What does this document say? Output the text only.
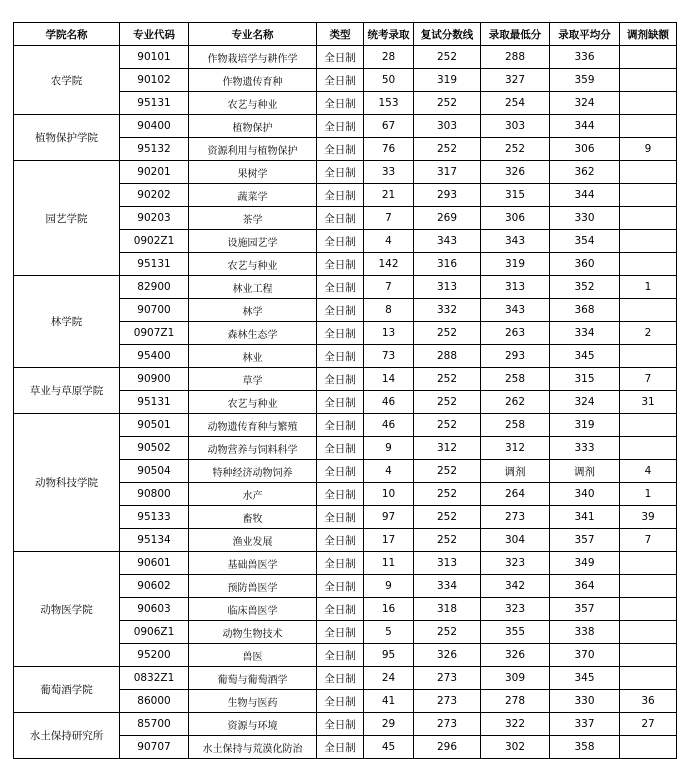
学院名称	专业代码	专业名称	类型	统考录取	复试分数线	录取最低分	录取平均分	调剂缺额
农学院	90101	作物栽培学与耕作学	全日制	28	252	288	336	
	90102	作物遗传育种	全日制	50	319	327	359	
	95131	农艺与种业	全日制	153	252	254	324	
植物保护学院	90400	植物保护	全日制	67	303	303	344	
	95132	资源利用与植物保护	全日制	76	252	252	306	9
园艺学院	90201	果树学	全日制	33	317	326	362	
	90202	蔬菜学	全日制	21	293	315	344	
	90203	茶学	全日制	7	269	306	330	
	0902Z1	设施园艺学	全日制	4	343	343	354	
	95131	农艺与种业	全日制	142	316	319	360	
林学院	82900	林业工程	全日制	7	313	313	352	1
	90700	林学	全日制	8	332	343	368	
	0907Z1	森林生态学	全日制	13	252	263	334	2
	95400	林业	全日制	73	288	293	345	
草业与草原学院	90900	草学	全日制	14	252	258	315	7
	95131	农艺与种业	全日制	46	252	262	324	31
动物科技学院	90501	动物遗传育种与繁殖	全日制	46	252	258	319	
	90502	动物营养与饲料科学	全日制	9	312	312	333	
	90504	特种经济动物饲养	全日制	4	252	调剂	调剂	4
	90800	水产	全日制	10	252	264	340	1
	95133	畜牧	全日制	97	252	273	341	39
	95134	渔业发展	全日制	17	252	304	357	7
动物医学院	90601	基础兽医学	全日制	11	313	323	349	
	90602	预防兽医学	全日制	9	334	342	364	
	90603	临床兽医学	全日制	16	318	323	357	
	0906Z1	动物生物技术	全日制	5	252	355	338	
	95200	兽医	全日制	95	326	326	370	
葡萄酒学院	0832Z1	葡萄与葡萄酒学	全日制	24	273	309	345	
	86000	生物与医药	全日制	41	273	278	330	36
水土保持研究所	85700	资源与环境	全日制	29	273	322	337	27
	90707	水土保持与荒漠化防治	全日制	45	296	302	358	
